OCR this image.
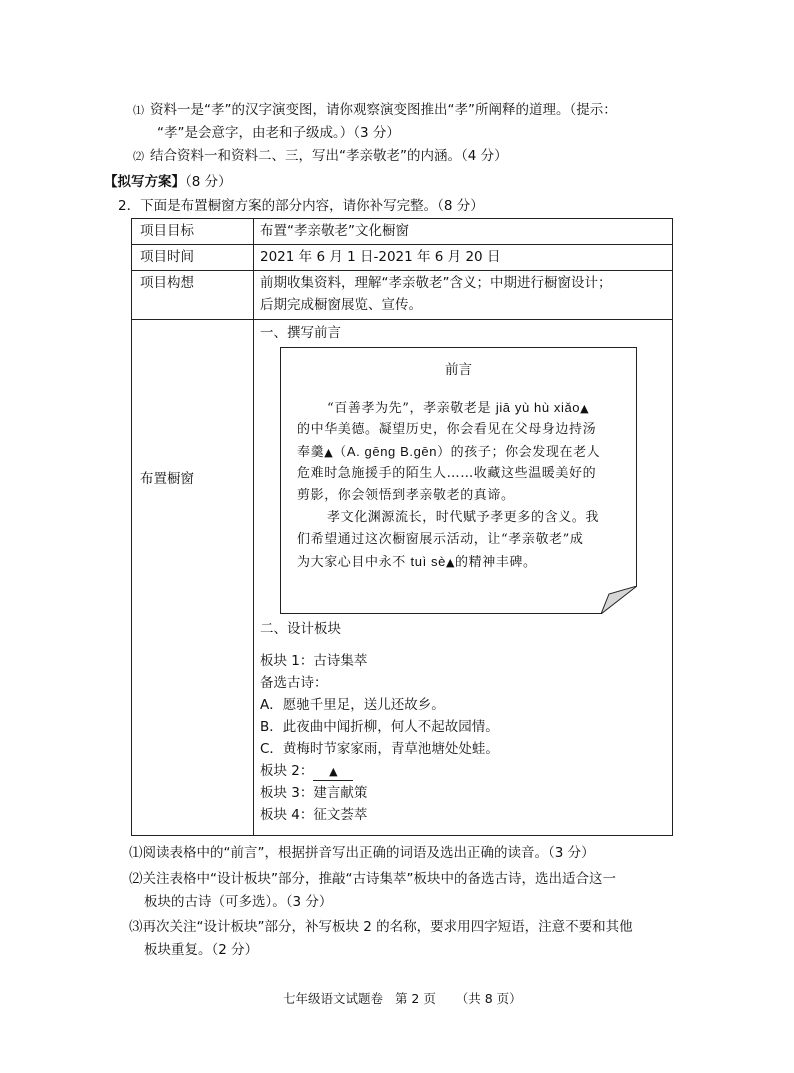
⑴ 资料一是“孝”的汉字演变图，请你观察演变图推出“孝”所阐释的道理。（提示：
“孝”是会意字，由老和子级成。）（3 分）
⑵ 结合资料一和资料二、三，写出“孝亲敬老”的内涵。（4 分）
【拟写方案】（8 分）
2．下面是布置橱窗方案的部分内容，请你补写完整。（8 分）
项目目标
项目时间
项目构想
布置橱窗
布置“孝亲敬老”文化橱窗
2021 年 6 月 1 日-2021 年 6 月 20 日
前期收集资料，理解“孝亲敬老”含义；中期进行橱窗设计；
后期完成橱窗展览、宣传。
一、撰写前言
前言
“百善孝为先”，孝亲敬老是 jiā yù hù xiǎo▲
的中华美德。凝望历史，你会看见在父母身边持汤
奉羹▲（A. gēng B.gēn）的孩子；你会发现在老人
危难时急施援手的陌生人……收藏这些温暖美好的
剪影，你会领悟到孝亲敬老的真谛。
孝文化渊源流长，时代赋予孝更多的含义。我
们希望通过这次橱窗展示活动，让“孝亲敬老”成
为大家心目中永不 tuì sè▲的精神丰碑。
二、设计板块
板块 1：古诗集萃
备选古诗：
A．愿驰千里足，送儿还故乡。
B．此夜曲中闻折柳，何人不起故园情。
C．黄梅时节家家雨，青草池塘处处蛙。
板块 2： ▲
板块 3：建言献策
板块 4：征文荟萃
⑴阅读表格中的“前言”，根据拼音写出正确的词语及选出正确的读音。（3 分）
⑵关注表格中“设计板块”部分，推敲“古诗集萃”板块中的备选古诗，选出适合这一
板块的古诗（可多选）。（3 分）
⑶再次关注“设计板块”部分，补写板块 2 的名称，要求用四字短语，注意不要和其他
板块重复。（2 分）
七年级语文试题卷 第 2 页 （共 8 页）
